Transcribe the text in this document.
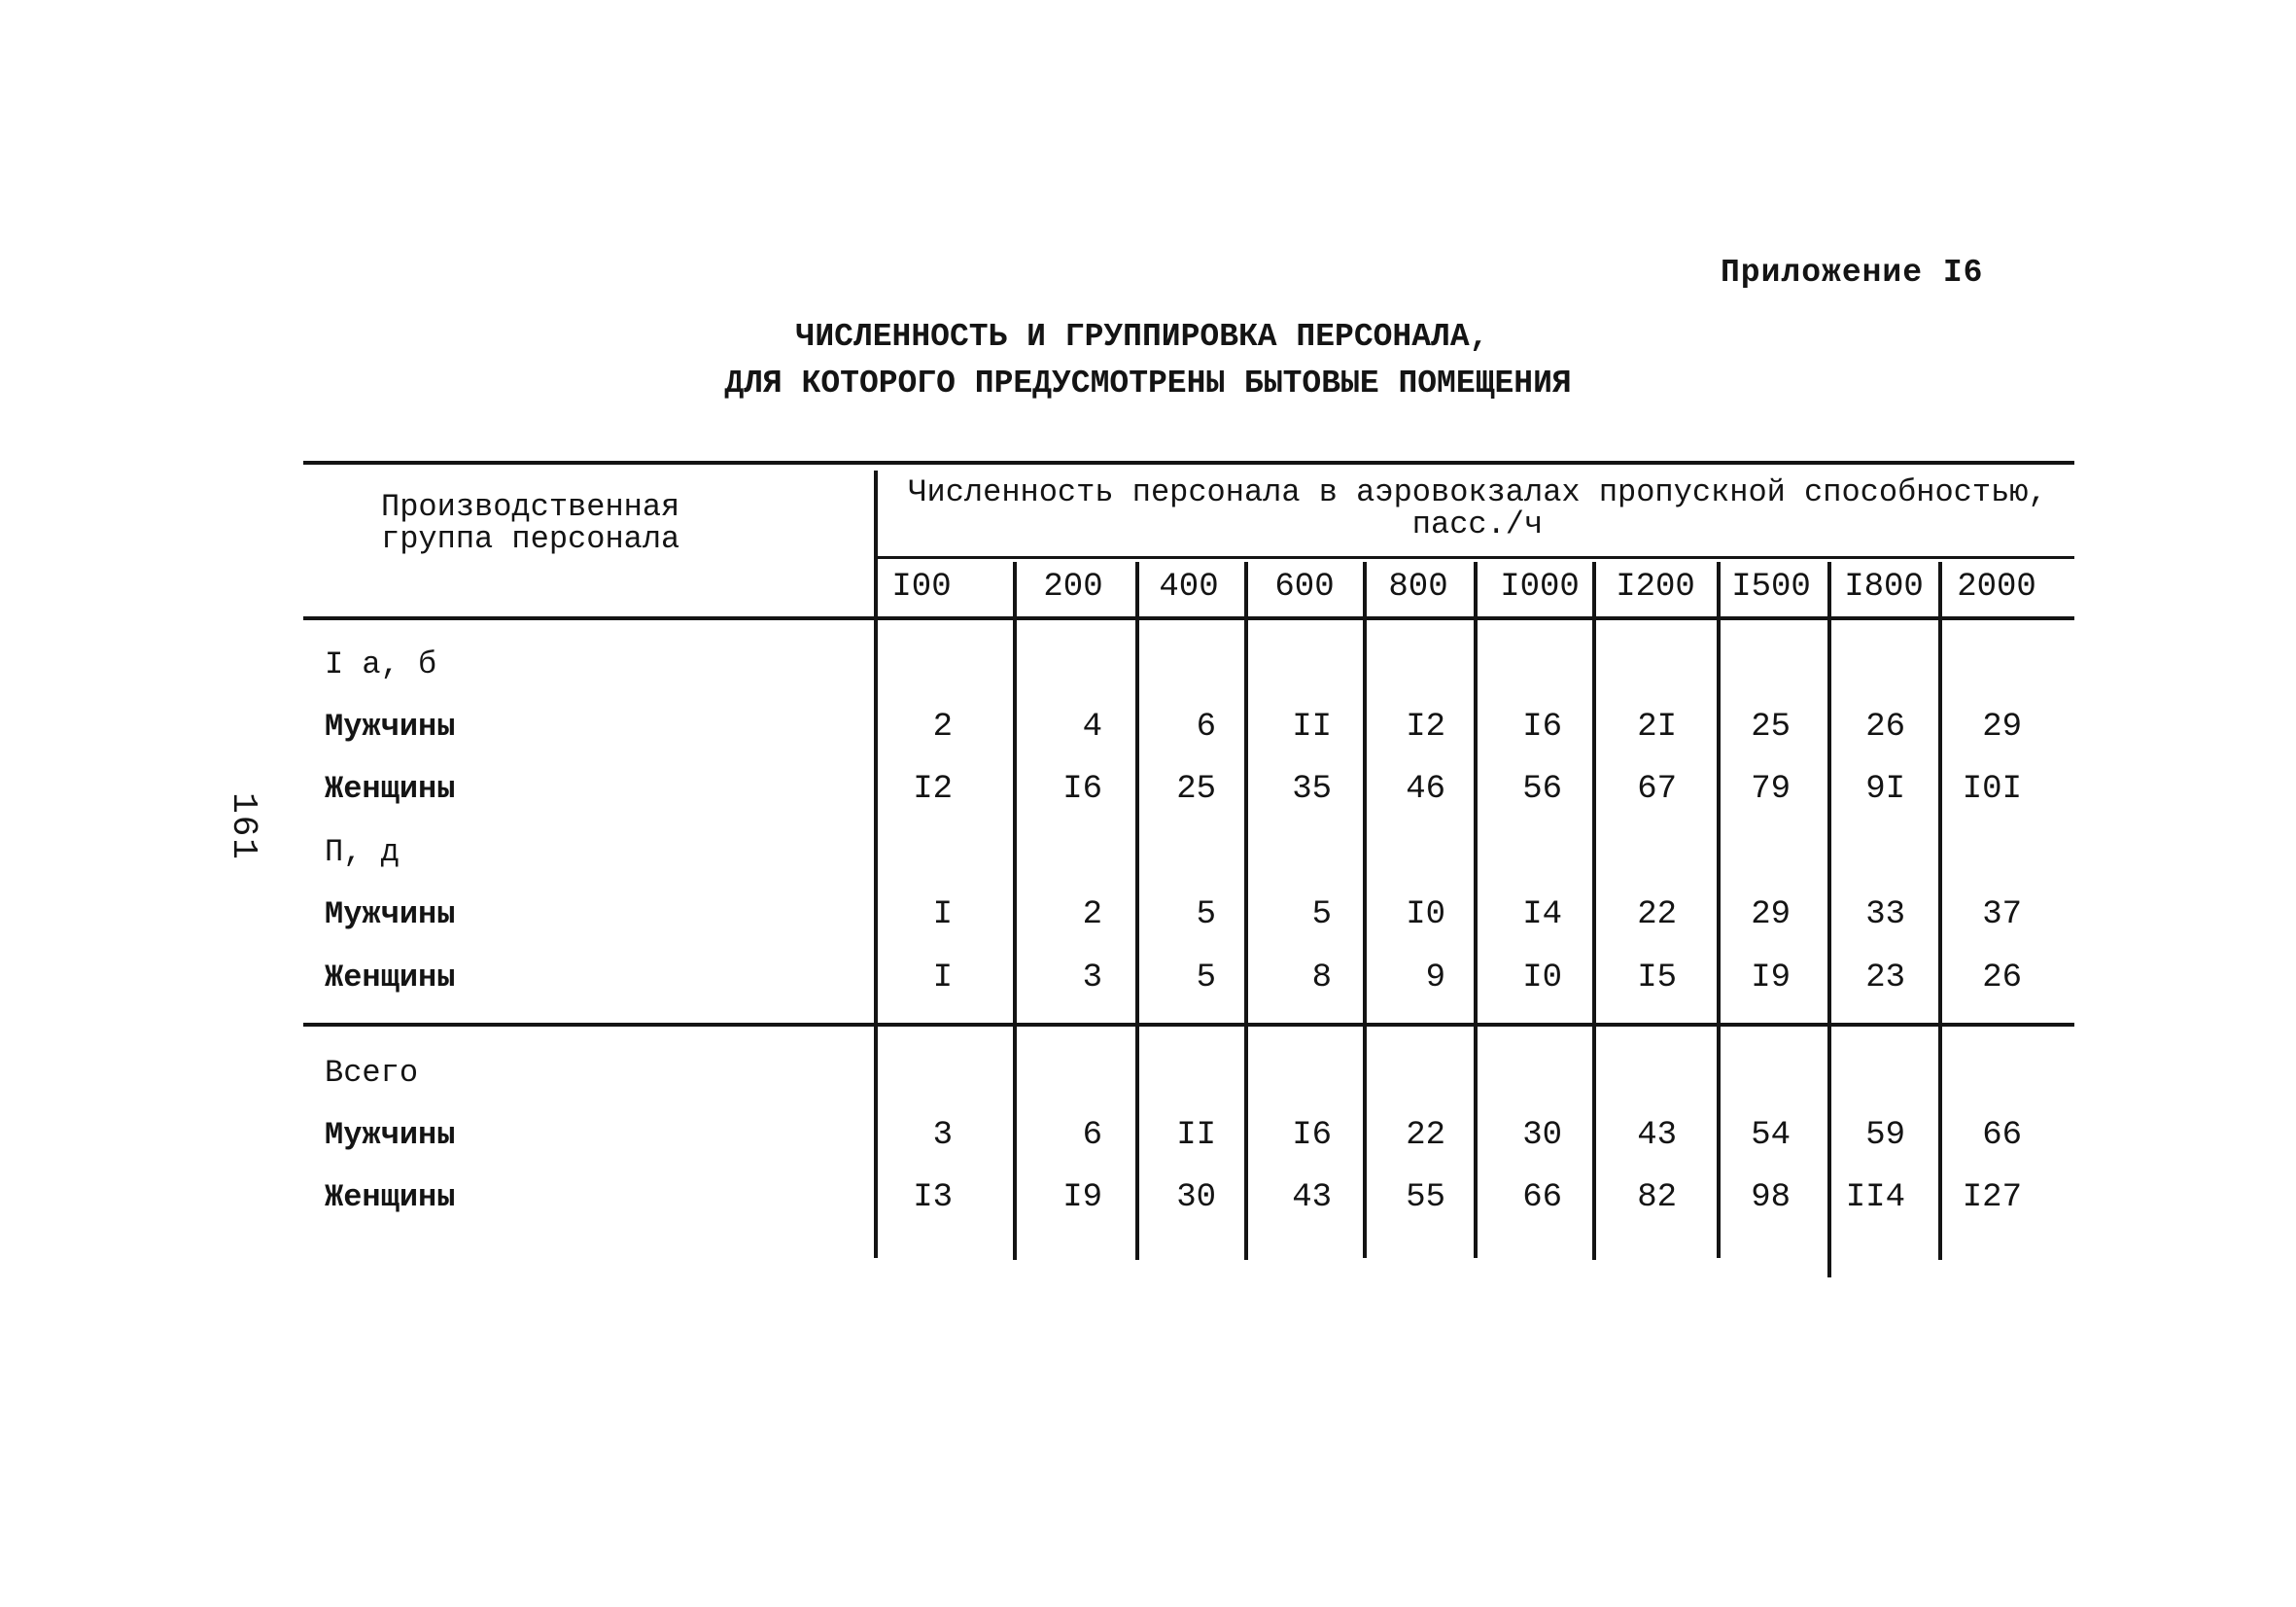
Приложение I6
ЧИСЛЕННОСТЬ И ГРУППИРОВКА ПЕРСОНАЛА,
ДЛЯ КОТОРОГО ПРЕДУСМОТРЕНЫ БЫТОВЫЕ ПОМЕЩЕНИЯ
161
Производственная
группа персонала
Численность персонала в аэровокзалах пропускной способностью,
пасс./ч
I00	200	400	600	800	I000	I200	I500	I800	2000
I а, б
Мужчины	2	4	6	II	I2	I6	2I	25	26	29
Женщины	I2	I6	25	35	46	56	67	79	9I	I0I
П, д
Мужчины	I	2	5	5	I0	I4	22	29	33	37
Женщины	I	3	5	8	9	I0	I5	I9	23	26
Всего
Мужчины	3	6	II	I6	22	30	43	54	59	66
Женщины	I3	I9	30	43	55	66	82	98	II4	I27
